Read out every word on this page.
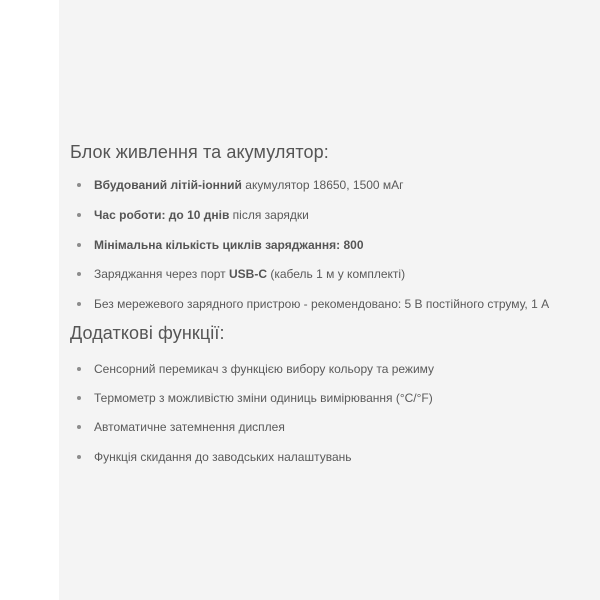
Блок живлення та акумулятор:
Вбудований літій-іонний акумулятор 18650, 1500 мАг
Час роботи: до 10 днів після зарядки
Мінімальна кількість циклів заряджання: 800
Заряджання через порт USB-C (кабель 1 м у комплекті)
Без мережевого зарядного пристрою - рекомендовано: 5 В постійного струму, 1 А
Додаткові функції:
Сенсорний перемикач з функцією вибору кольору та режиму
Термометр з можливістю зміни одиниць вимірювання (°C/°F)
Автоматичне затемнення дисплея
Функція скидання до заводських налаштувань
